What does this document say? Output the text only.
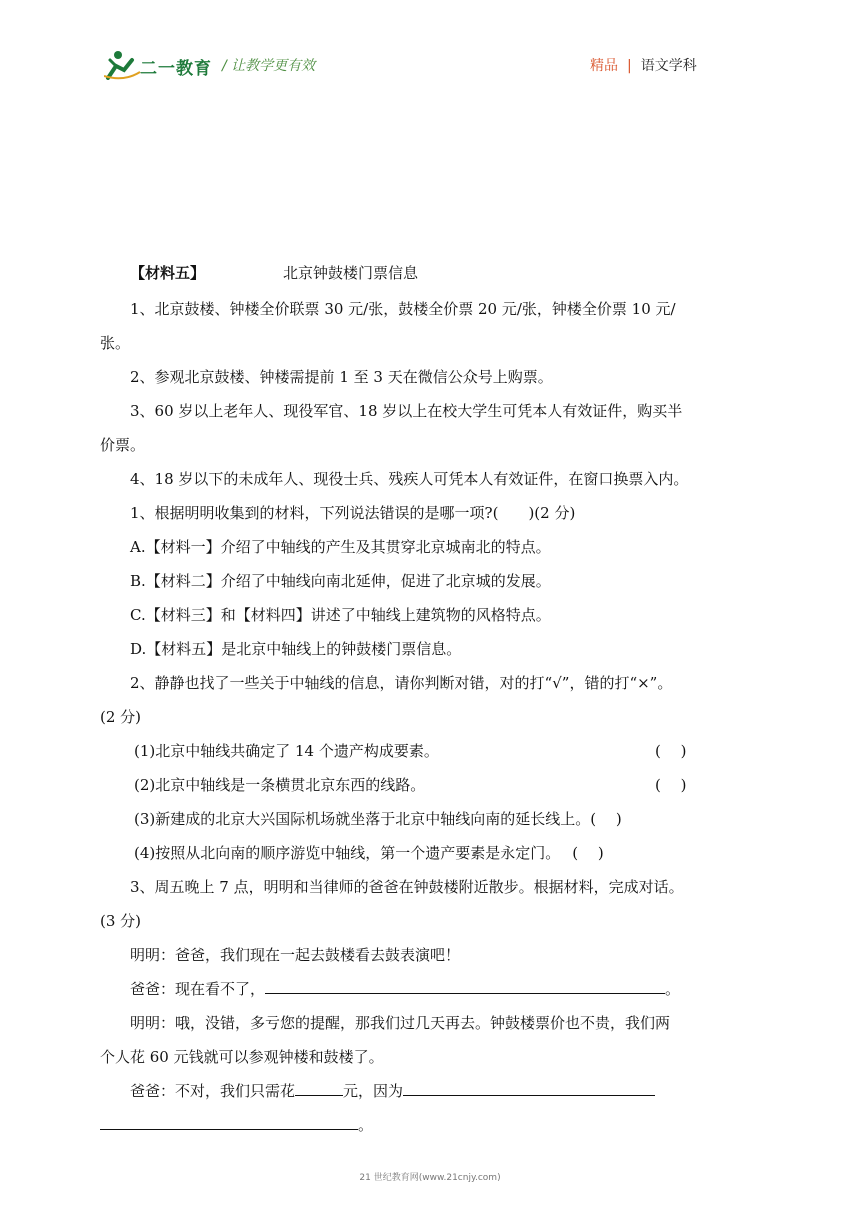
二一教育 / 让教学更有效	精品 | 语文学科
【材料五】	北京钟鼓楼门票信息
1、北京鼓楼、钟楼全价联票 30 元/张，鼓楼全价票 20 元/张，钟楼全价票 10 元/
张。
2、参观北京鼓楼、钟楼需提前 1 至 3 天在微信公众号上购票。
3、60 岁以上老年人、现役军官、18 岁以上在校大学生可凭本人有效证件，购买半
价票。
4、18 岁以下的未成年人、现役士兵、残疾人可凭本人有效证件，在窗口换票入内。
1、根据明明收集到的材料，下列说法错误的是哪一项?(　　)(2 分)
A.【材料一】介绍了中轴线的产生及其贯穿北京城南北的特点。
B.【材料二】介绍了中轴线向南北延伸，促进了北京城的发展。
C.【材料三】和【材料四】讲述了中轴线上建筑物的风格特点。
D.【材料五】是北京中轴线上的钟鼓楼门票信息。
2、静静也找了一些关于中轴线的信息，请你判断对错，对的打“√”，错的打“×”。
(2 分)
(1)北京中轴线共确定了 14 个遗产构成要素。	(　 )
(2)北京中轴线是一条横贯北京东西的线路。	(　 )
(3)新建成的北京大兴国际机场就坐落于北京中轴线向南的延长线上。(　 )
(4)按照从北向南的顺序游览中轴线，第一个遗产要素是永定门。 (　 )
3、周五晚上 7 点，明明和当律师的爸爸在钟鼓楼附近散步。根据材料，完成对话。
(3 分)
明明：爸爸，我们现在一起去鼓楼看去鼓表演吧！
爸爸：现在看不了，	。
明明：哦，没错，多亏您的提醒，那我们过几天再去。钟鼓楼票价也不贵，我们两
个人花 60 元钱就可以参观钟楼和鼓楼了。
爸爸：不对，我们只需花	元，因为
。
21 世纪教育网(www.21cnjy.com)
